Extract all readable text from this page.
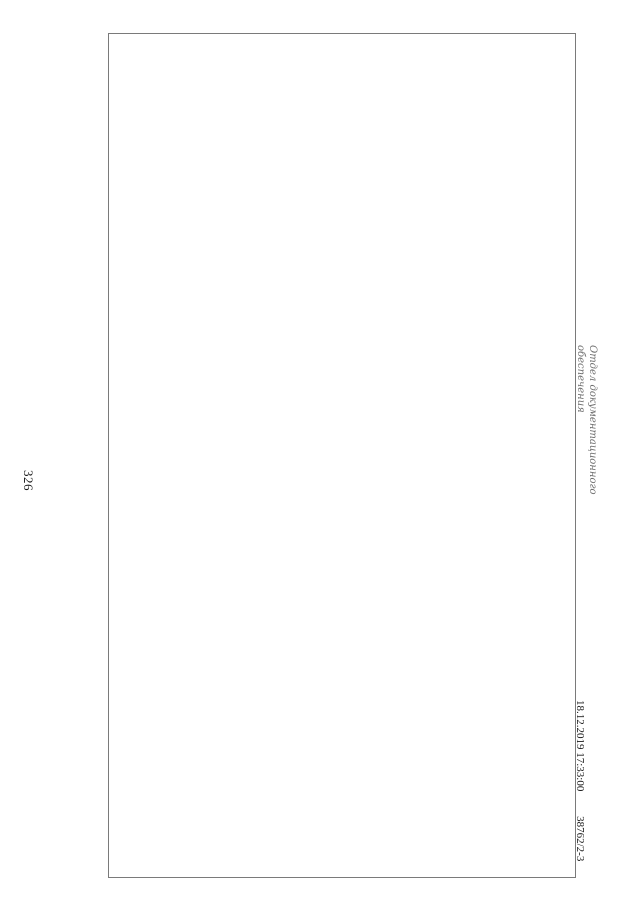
326
18.12.2019 17:33:00 38762/2-3
Отдел документационного
обеспечения
